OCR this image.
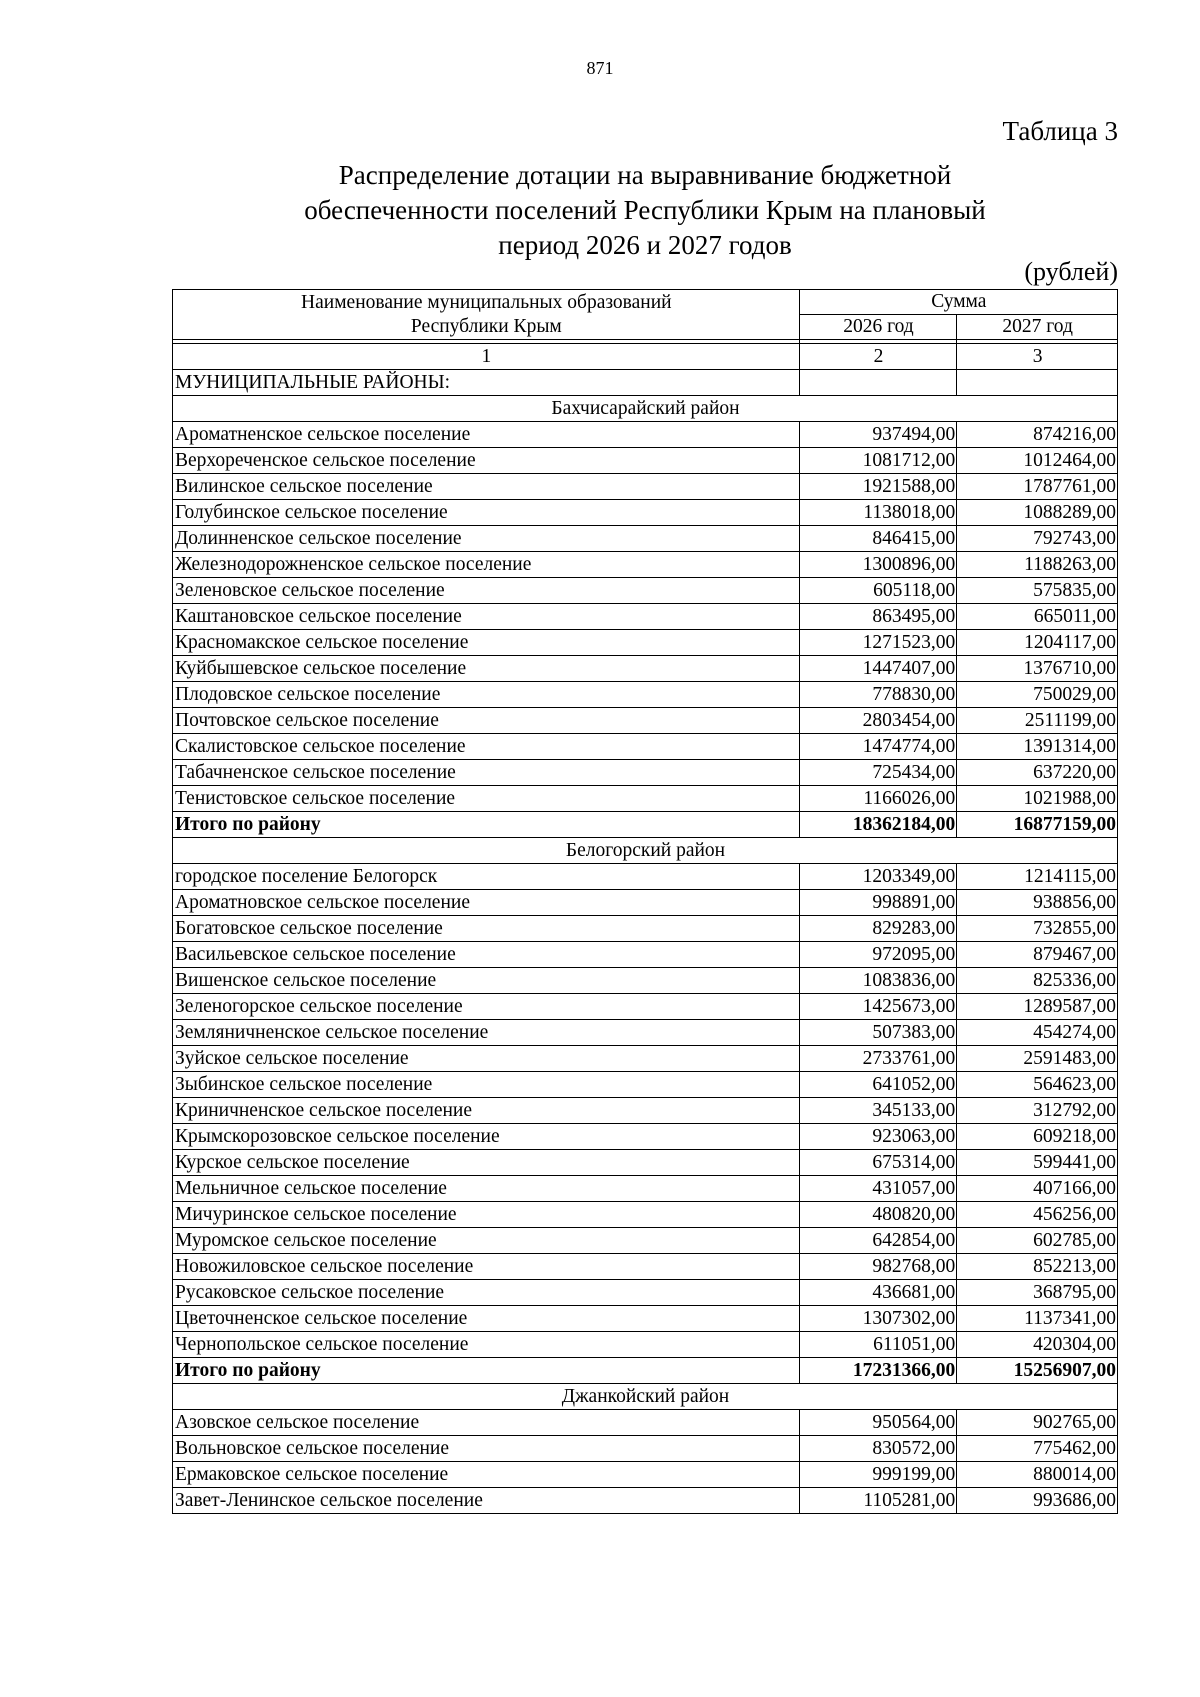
871
Таблица 3
Распределение дотации на выравнивание бюджетной
обеспеченности поселений Республики Крым на плановый
период 2026 и 2027 годов
(рублей)
Наименование муниципальных образований
Республики Крым	Сумма	
	2026 год	2027 год

1	2	3
МУНИЦИПАЛЬНЫЕ РАЙОНЫ:		
Бахчисарайский район		
Ароматненское сельское поселение	937494,00	874216,00
Верхореченское сельское поселение	1081712,00	1012464,00
Вилинское сельское поселение	1921588,00	1787761,00
Голубинское сельское поселение	1138018,00	1088289,00
Долинненское сельское поселение	846415,00	792743,00
Железнодорожненское сельское поселение	1300896,00	1188263,00
Зеленовское сельское поселение	605118,00	575835,00
Каштановское сельское поселение	863495,00	665011,00
Красномакское сельское поселение	1271523,00	1204117,00
Куйбышевское сельское поселение	1447407,00	1376710,00
Плодовское сельское поселение	778830,00	750029,00
Почтовское сельское поселение	2803454,00	2511199,00
Скалистовское сельское поселение	1474774,00	1391314,00
Табачненское сельское поселение	725434,00	637220,00
Тенистовское сельское поселение	1166026,00	1021988,00
Итого по району	18362184,00	16877159,00
Белогорский район		
городское поселение Белогорск	1203349,00	1214115,00
Ароматновское сельское поселение	998891,00	938856,00
Богатовское сельское поселение	829283,00	732855,00
Васильевское сельское поселение	972095,00	879467,00
Вишенское сельское поселение	1083836,00	825336,00
Зеленогорское сельское поселение	1425673,00	1289587,00
Земляничненское сельское поселение	507383,00	454274,00
Зуйское сельское поселение	2733761,00	2591483,00
Зыбинское сельское поселение	641052,00	564623,00
Криничненское сельское поселение	345133,00	312792,00
Крымскорозовское сельское поселение	923063,00	609218,00
Курское сельское поселение	675314,00	599441,00
Мельничное сельское поселение	431057,00	407166,00
Мичуринское сельское поселение	480820,00	456256,00
Муромское сельское поселение	642854,00	602785,00
Новожиловское сельское поселение	982768,00	852213,00
Русаковское сельское поселение	436681,00	368795,00
Цветочненское сельское поселение	1307302,00	1137341,00
Чернопольское сельское поселение	611051,00	420304,00
Итого по району	17231366,00	15256907,00
Джанкойский район		
Азовское сельское поселение	950564,00	902765,00
Вольновское сельское поселение	830572,00	775462,00
Ермаковское сельское поселение	999199,00	880014,00
Завет-Ленинское сельское поселение	1105281,00	993686,00
